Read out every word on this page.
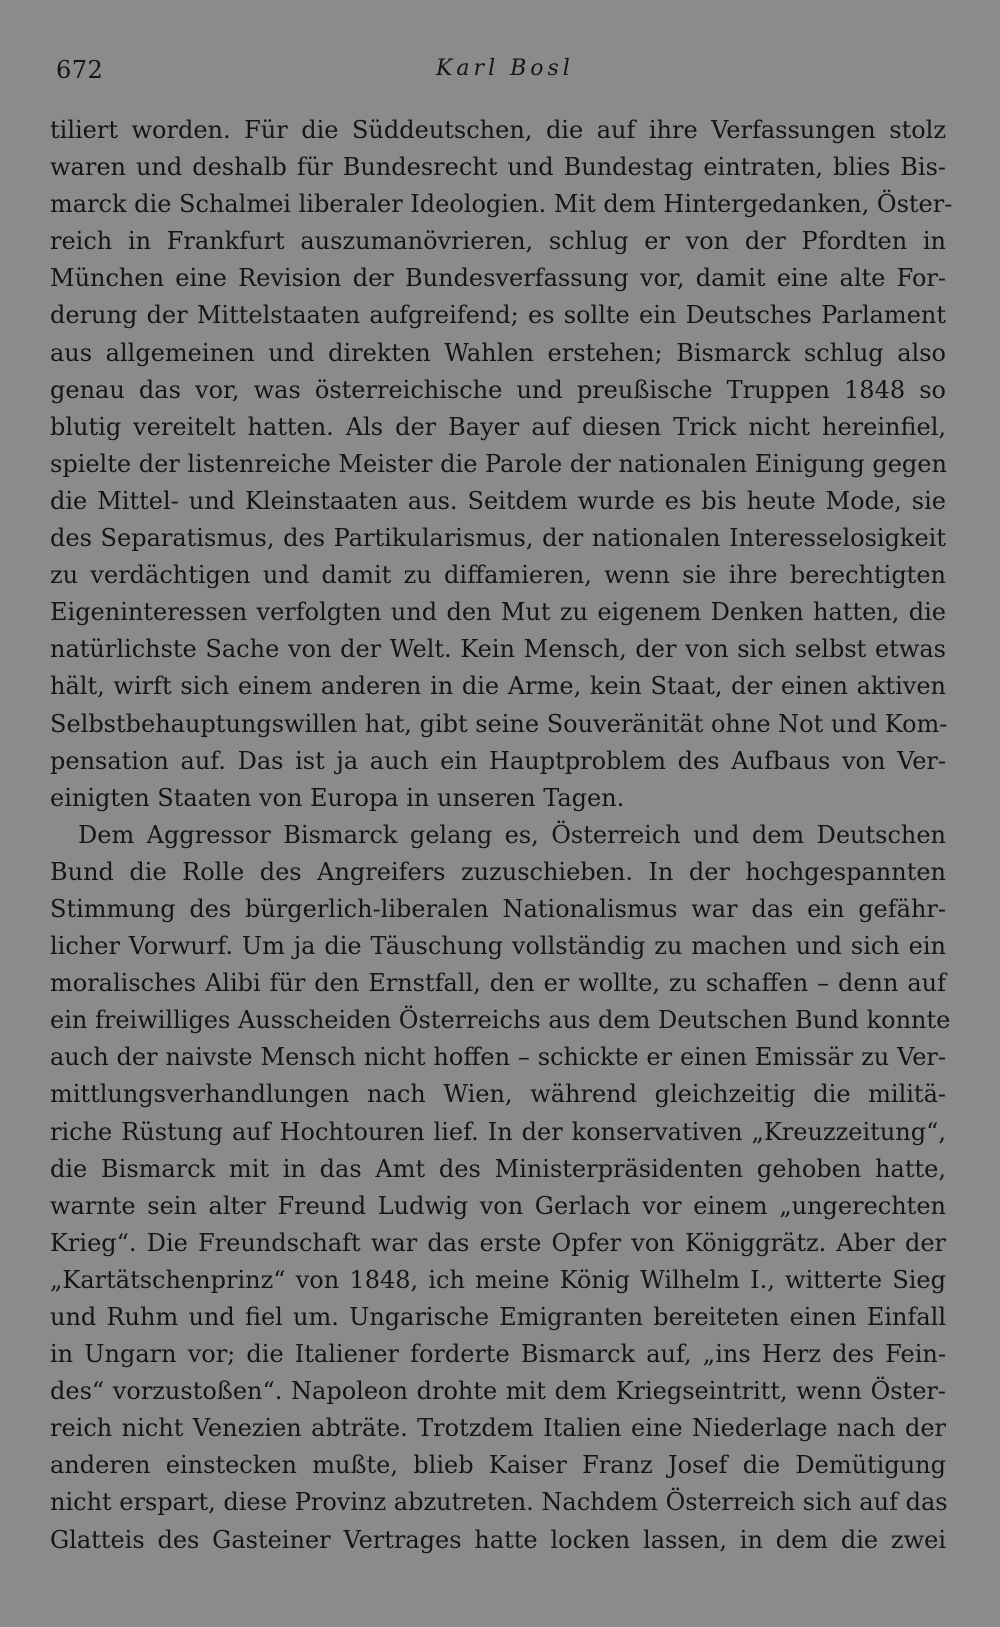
672	Karl Bosl
tiliert worden. Für die Süddeutschen, die auf ihre Verfassungen stolz
waren und deshalb für Bundesrecht und Bundestag eintraten, blies Bis-
marck die Schalmei liberaler Ideologien. Mit dem Hintergedanken, Öster-
reich in Frankfurt auszumanövrieren, schlug er von der Pfordten in
München eine Revision der Bundesverfassung vor, damit eine alte For-
derung der Mittelstaaten aufgreifend; es sollte ein Deutsches Parlament
aus allgemeinen und direkten Wahlen erstehen; Bismarck schlug also
genau das vor, was österreichische und preußische Truppen 1848 so
blutig vereitelt hatten. Als der Bayer auf diesen Trick nicht hereinfiel,
spielte der listenreiche Meister die Parole der nationalen Einigung gegen
die Mittel- und Kleinstaaten aus. Seitdem wurde es bis heute Mode, sie
des Separatismus, des Partikularismus, der nationalen Interesselosigkeit
zu verdächtigen und damit zu diffamieren, wenn sie ihre berechtigten
Eigeninteressen verfolgten und den Mut zu eigenem Denken hatten, die
natürlichste Sache von der Welt. Kein Mensch, der von sich selbst etwas
hält, wirft sich einem anderen in die Arme, kein Staat, der einen aktiven
Selbstbehauptungswillen hat, gibt seine Souveränität ohne Not und Kom-
pensation auf. Das ist ja auch ein Hauptproblem des Aufbaus von Ver-
einigten Staaten von Europa in unseren Tagen.
Dem Aggressor Bismarck gelang es, Österreich und dem Deutschen
Bund die Rolle des Angreifers zuzuschieben. In der hochgespannten
Stimmung des bürgerlich-liberalen Nationalismus war das ein gefähr-
licher Vorwurf. Um ja die Täuschung vollständig zu machen und sich ein
moralisches Alibi für den Ernstfall, den er wollte, zu schaffen – denn auf
ein freiwilliges Ausscheiden Österreichs aus dem Deutschen Bund konnte
auch der naivste Mensch nicht hoffen – schickte er einen Emissär zu Ver-
mittlungsverhandlungen nach Wien, während gleichzeitig die militä-
riche Rüstung auf Hochtouren lief. In der konservativen „Kreuzzeitung“,
die Bismarck mit in das Amt des Ministerpräsidenten gehoben hatte,
warnte sein alter Freund Ludwig von Gerlach vor einem „ungerechten
Krieg“. Die Freundschaft war das erste Opfer von Königgrätz. Aber der
„Kartätschenprinz“ von 1848, ich meine König Wilhelm I., witterte Sieg
und Ruhm und fiel um. Ungarische Emigranten bereiteten einen Einfall
in Ungarn vor; die Italiener forderte Bismarck auf, „ins Herz des Fein-
des“ vorzustoßen“. Napoleon drohte mit dem Kriegseintritt, wenn Öster-
reich nicht Venezien abträte. Trotzdem Italien eine Niederlage nach der
anderen einstecken mußte, blieb Kaiser Franz Josef die Demütigung
nicht erspart, diese Provinz abzutreten. Nachdem Österreich sich auf das
Glatteis des Gasteiner Vertrages hatte locken lassen, in dem die zwei
